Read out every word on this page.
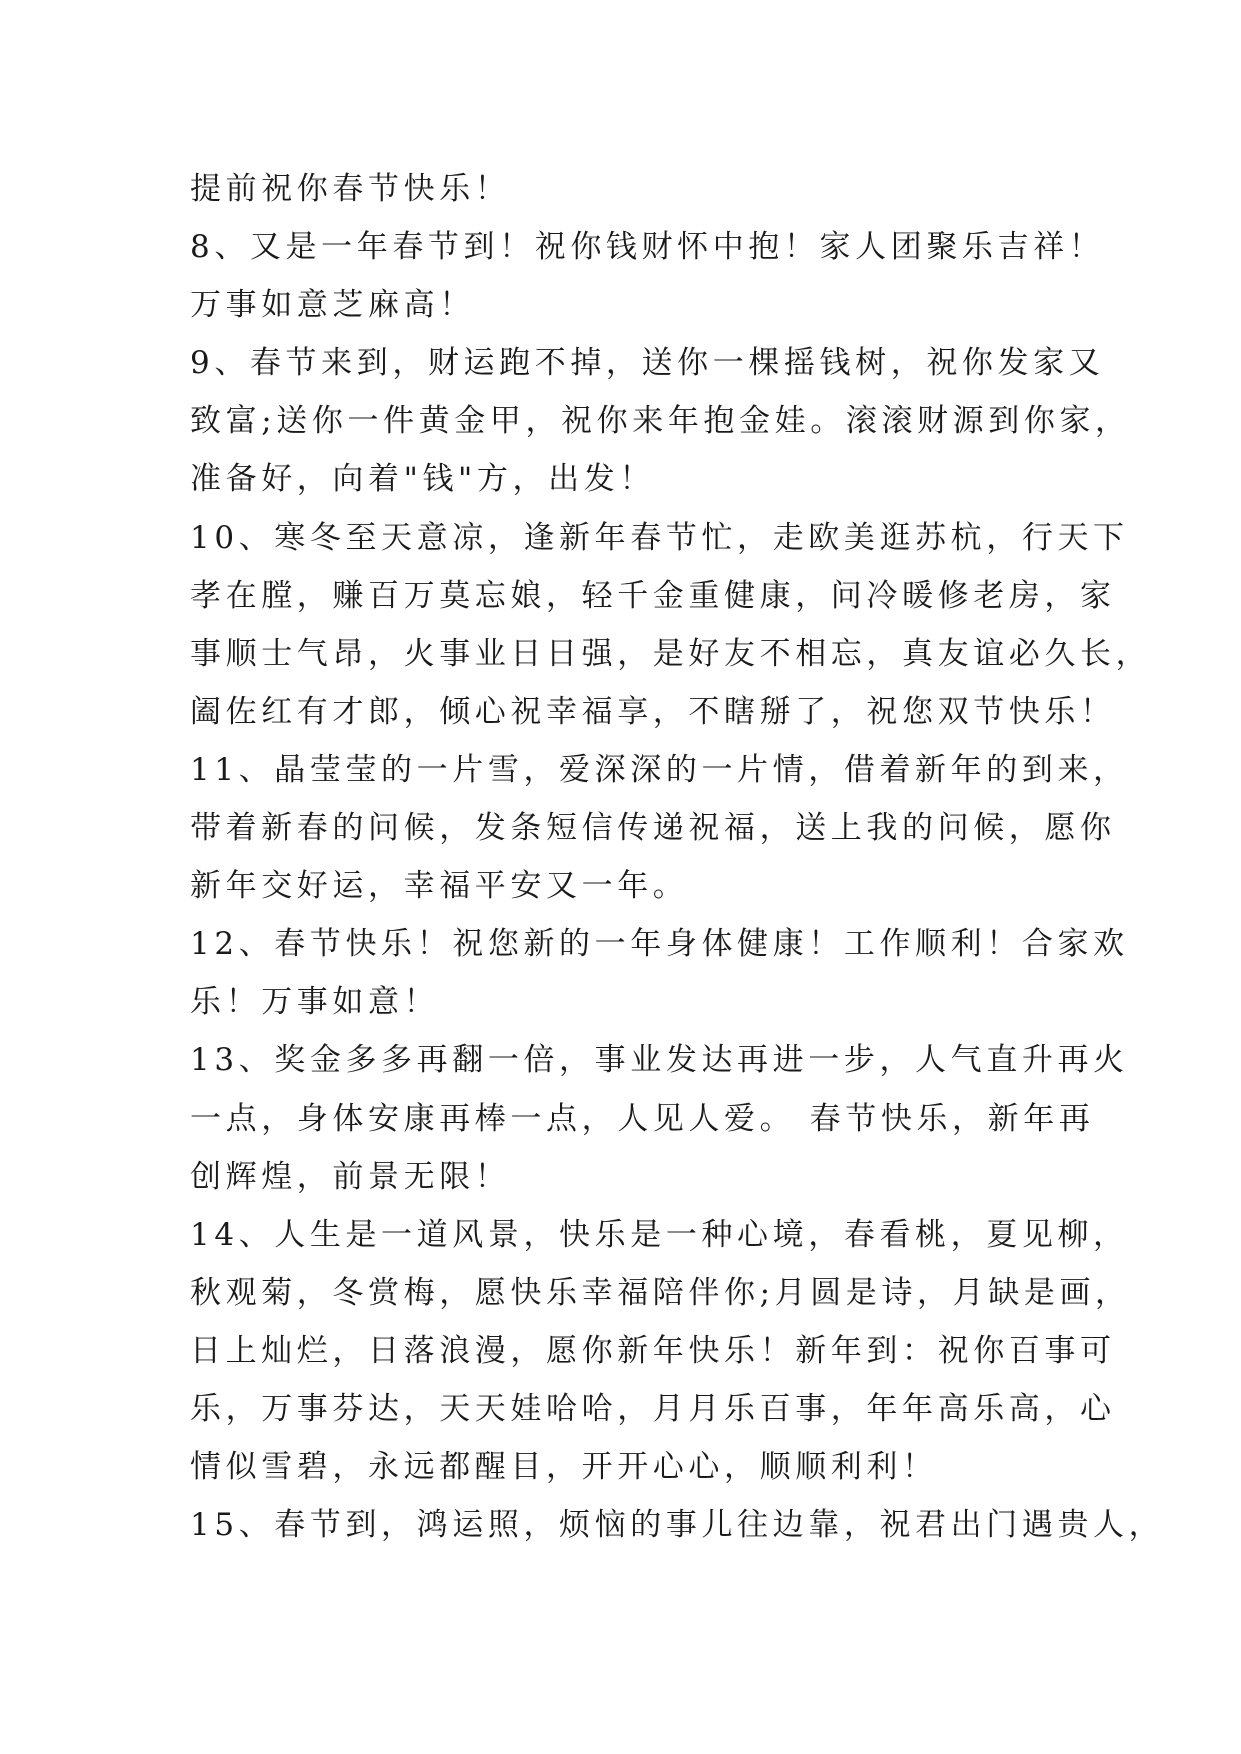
提前祝你春节快乐！
8、又是一年春节到！祝你钱财怀中抱！家人团聚乐吉祥！
万事如意芝麻高！
9、春节来到，财运跑不掉，送你一棵摇钱树，祝你发家又
致富;送你一件黄金甲，祝你来年抱金娃。滚滚财源到你家，
准备好，向着"钱"方，出发！
10、寒冬至天意凉，逢新年春节忙，走欧美逛苏杭，行天下
孝在膛，赚百万莫忘娘，轻千金重健康，问冷暖修老房，家
事顺士气昂，火事业日日强，是好友不相忘，真友谊必久长，
阖佐红有才郎，倾心祝幸福享，不瞎掰了，祝您双节快乐！
11、晶莹莹的一片雪，爱深深的一片情，借着新年的到来，
带着新春的问候，发条短信传递祝福，送上我的问候，愿你
新年交好运，幸福平安又一年。
12、春节快乐！祝您新的一年身体健康！工作顺利！合家欢
乐！万事如意！
13、奖金多多再翻一倍，事业发达再进一步，人气直升再火
一点，身体安康再棒一点，人见人爱。 春节快乐，新年再
创辉煌，前景无限！
14、人生是一道风景，快乐是一种心境，春看桃，夏见柳，
秋观菊，冬赏梅，愿快乐幸福陪伴你;月圆是诗，月缺是画，
日上灿烂，日落浪漫，愿你新年快乐！新年到：祝你百事可
乐，万事芬达，天天娃哈哈，月月乐百事，年年高乐高，心
情似雪碧，永远都醒目，开开心心，顺顺利利！
15、春节到，鸿运照，烦恼的事儿往边靠，祝君出门遇贵人，
